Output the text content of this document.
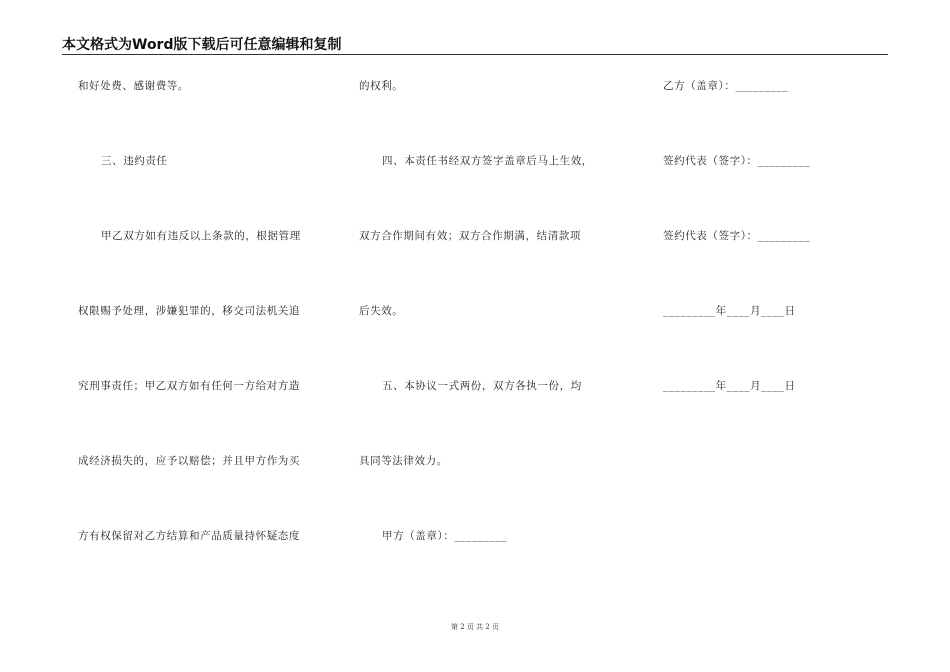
本文格式为Word版下载后可任意编辑和复制
和好处费、感谢费等。
三、违约责任
甲乙双方如有违反以上条款的，根据管理
权限赐予处理，涉嫌犯罪的，移交司法机关追
究刑事责任；甲乙双方如有任何一方给对方造
成经济损失的，应予以赔偿；并且甲方作为买
方有权保留对乙方结算和产品质量持怀疑态度
的权利。
四、本责任书经双方签字盖章后马上生效，
双方合作期间有效；双方合作期满，结清款项
后失效。
五、本协议一式两份，双方各执一份，均
具同等法律效力。
甲方（盖章）：_________
乙方（盖章）：_________
签约代表（签字）：_________
签约代表（签字）：_________
_________年____月____日
_________年____月____日
第 2 页 共 2 页
